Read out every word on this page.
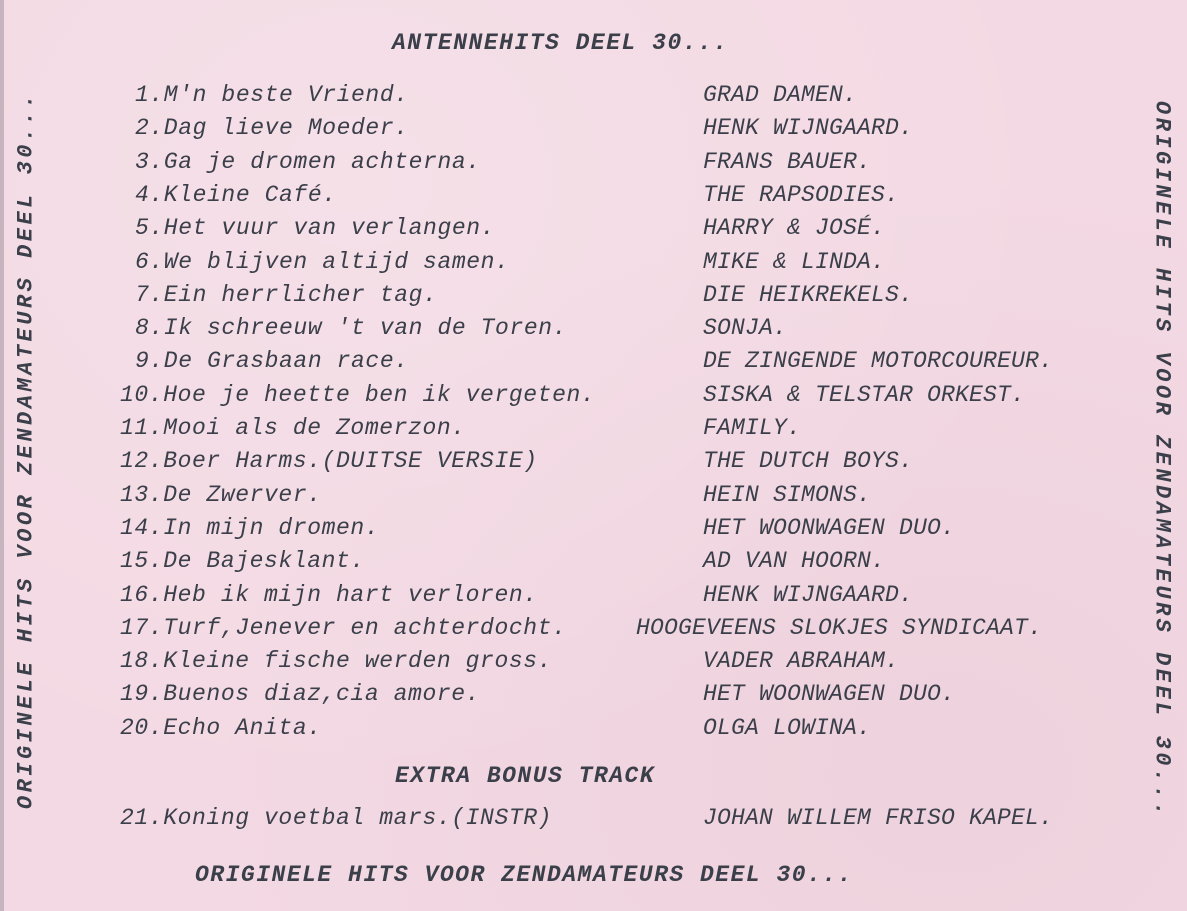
ORIGINELE HITS VOOR ZENDAMATEURS DEEL 30...	ORIGINELE HITS VOOR ZENDAMATEURS DEEL 30...
ANTENNEHITS DEEL 30...
1.M'n beste Vriend.	GRAD DAMEN.
2.Dag lieve Moeder.	HENK WIJNGAARD.
3.Ga je dromen achterna.	FRANS BAUER.
4.Kleine Café.	THE RAPSODIES.
5.Het vuur van verlangen.	HARRY & JOSÉ.
6.We blijven altijd samen.	MIKE & LINDA.
7.Ein herrlicher tag.	DIE HEIKREKELS.
8.Ik schreeuw 't van de Toren.	SONJA.
9.De Grasbaan race.	DE ZINGENDE MOTORCOUREUR.
10.Hoe je heette ben ik vergeten.	SISKA & TELSTAR ORKEST.
11.Mooi als de Zomerzon.	FAMILY.
12.Boer Harms.(DUITSE VERSIE)	THE DUTCH BOYS.
13.De Zwerver.	HEIN SIMONS.
14.In mijn dromen.	HET WOONWAGEN DUO.
15.De Bajesklant.	AD VAN HOORN.
16.Heb ik mijn hart verloren.	HENK WIJNGAARD.
17.Turf,Jenever en achterdocht.	HOOGEVEENS SLOKJES SYNDICAAT.
18.Kleine fische werden gross.	VADER ABRAHAM.
19.Buenos diaz,cia amore.	HET WOONWAGEN DUO.
20.Echo Anita.	OLGA LOWINA.
EXTRA BONUS TRACK
21.Koning voetbal mars.(INSTR)	JOHAN WILLEM FRISO KAPEL.
ORIGINELE HITS VOOR ZENDAMATEURS DEEL 30...
